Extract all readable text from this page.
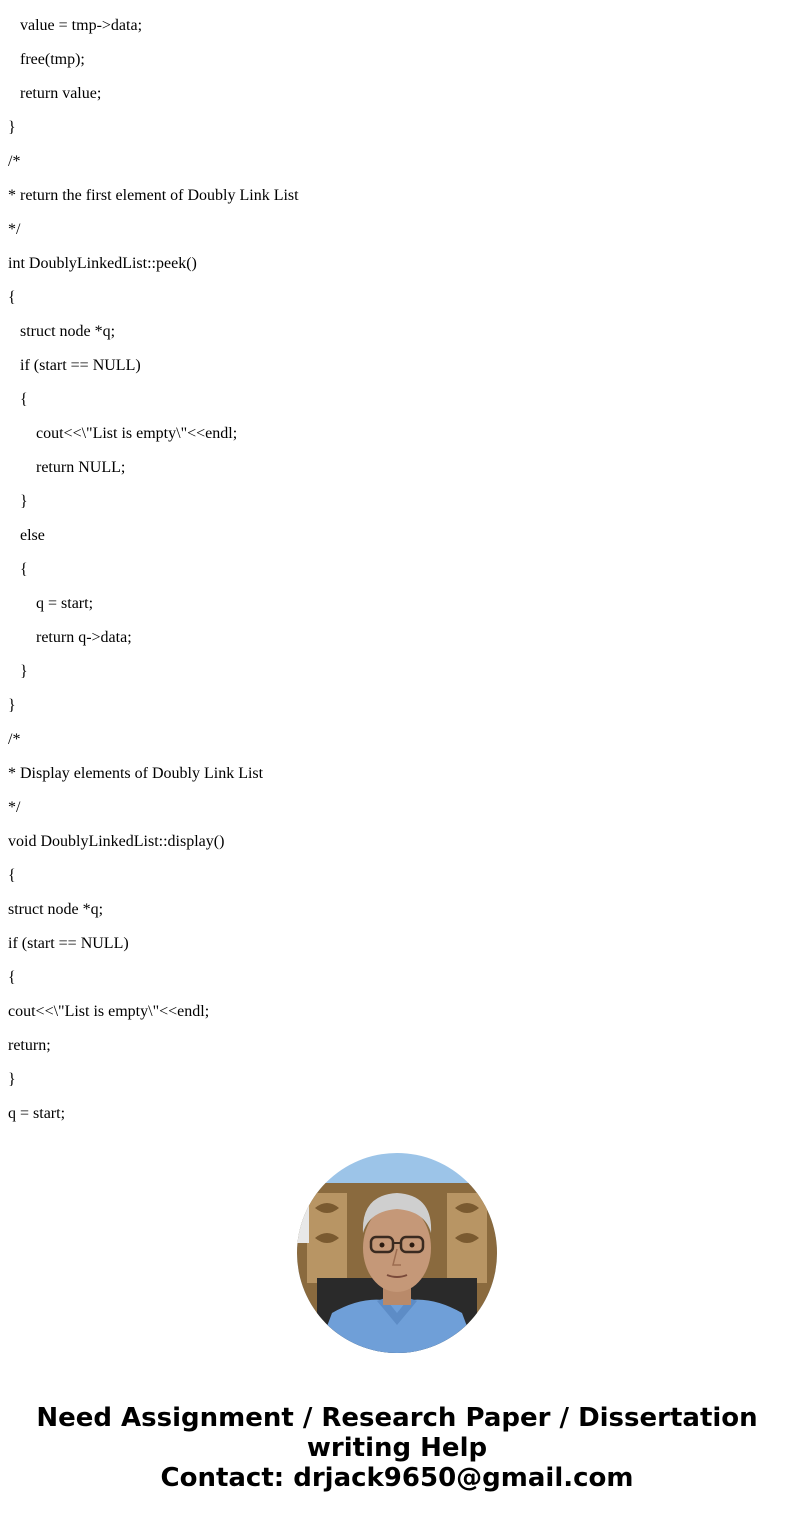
value = tmp->data;
free(tmp);
return value;
}
/*
* return the first element of Doubly Link List
*/
int DoublyLinkedList::peek()
{
struct node *q;
if (start == NULL)
{
cout<<\"List is empty\"<<endl;
return NULL;
}
else
{
q = start;
return q->data;
}
}
/*
* Display elements of Doubly Link List
*/
void DoublyLinkedList::display()
{
struct node *q;
if (start == NULL)
{
cout<<\"List is empty\"<<endl;
return;
}
q = start;
Need Assignment / Research Paper / Dissertation
writing Help
Contact: drjack9650@gmail.com
